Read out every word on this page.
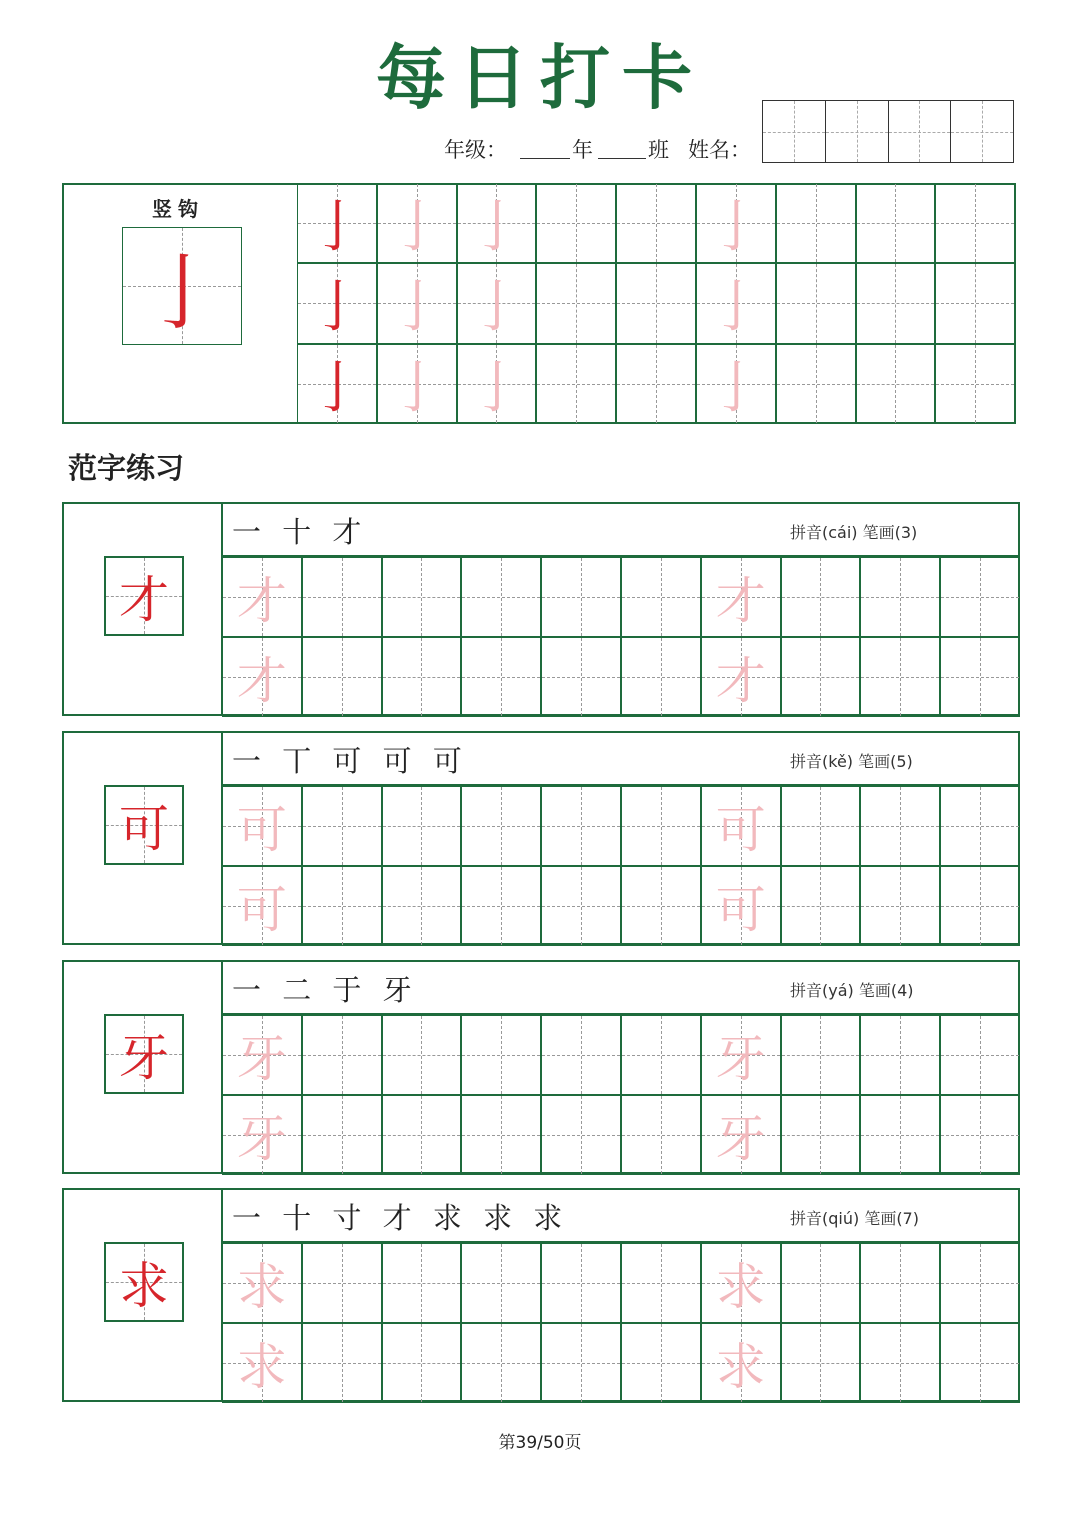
每日打卡
年级：	年	班 姓名：
竖钩
亅
亅 亅 亅	亅
亅 亅 亅	亅
亅 亅 亅	亅
范字练习
才
一 十 才	拼音(cái) 笔画(3)
才	才
才	才
可
一 丅 可 可 可	拼音(kě) 笔画(5)
可	可
可	可
牙
一 二 于 牙	拼音(yá) 笔画(4)
牙	牙
牙	牙
求
一 十 寸 才 求 求 求	拼音(qiú) 笔画(7)
求	求
求	求
第39/50页
